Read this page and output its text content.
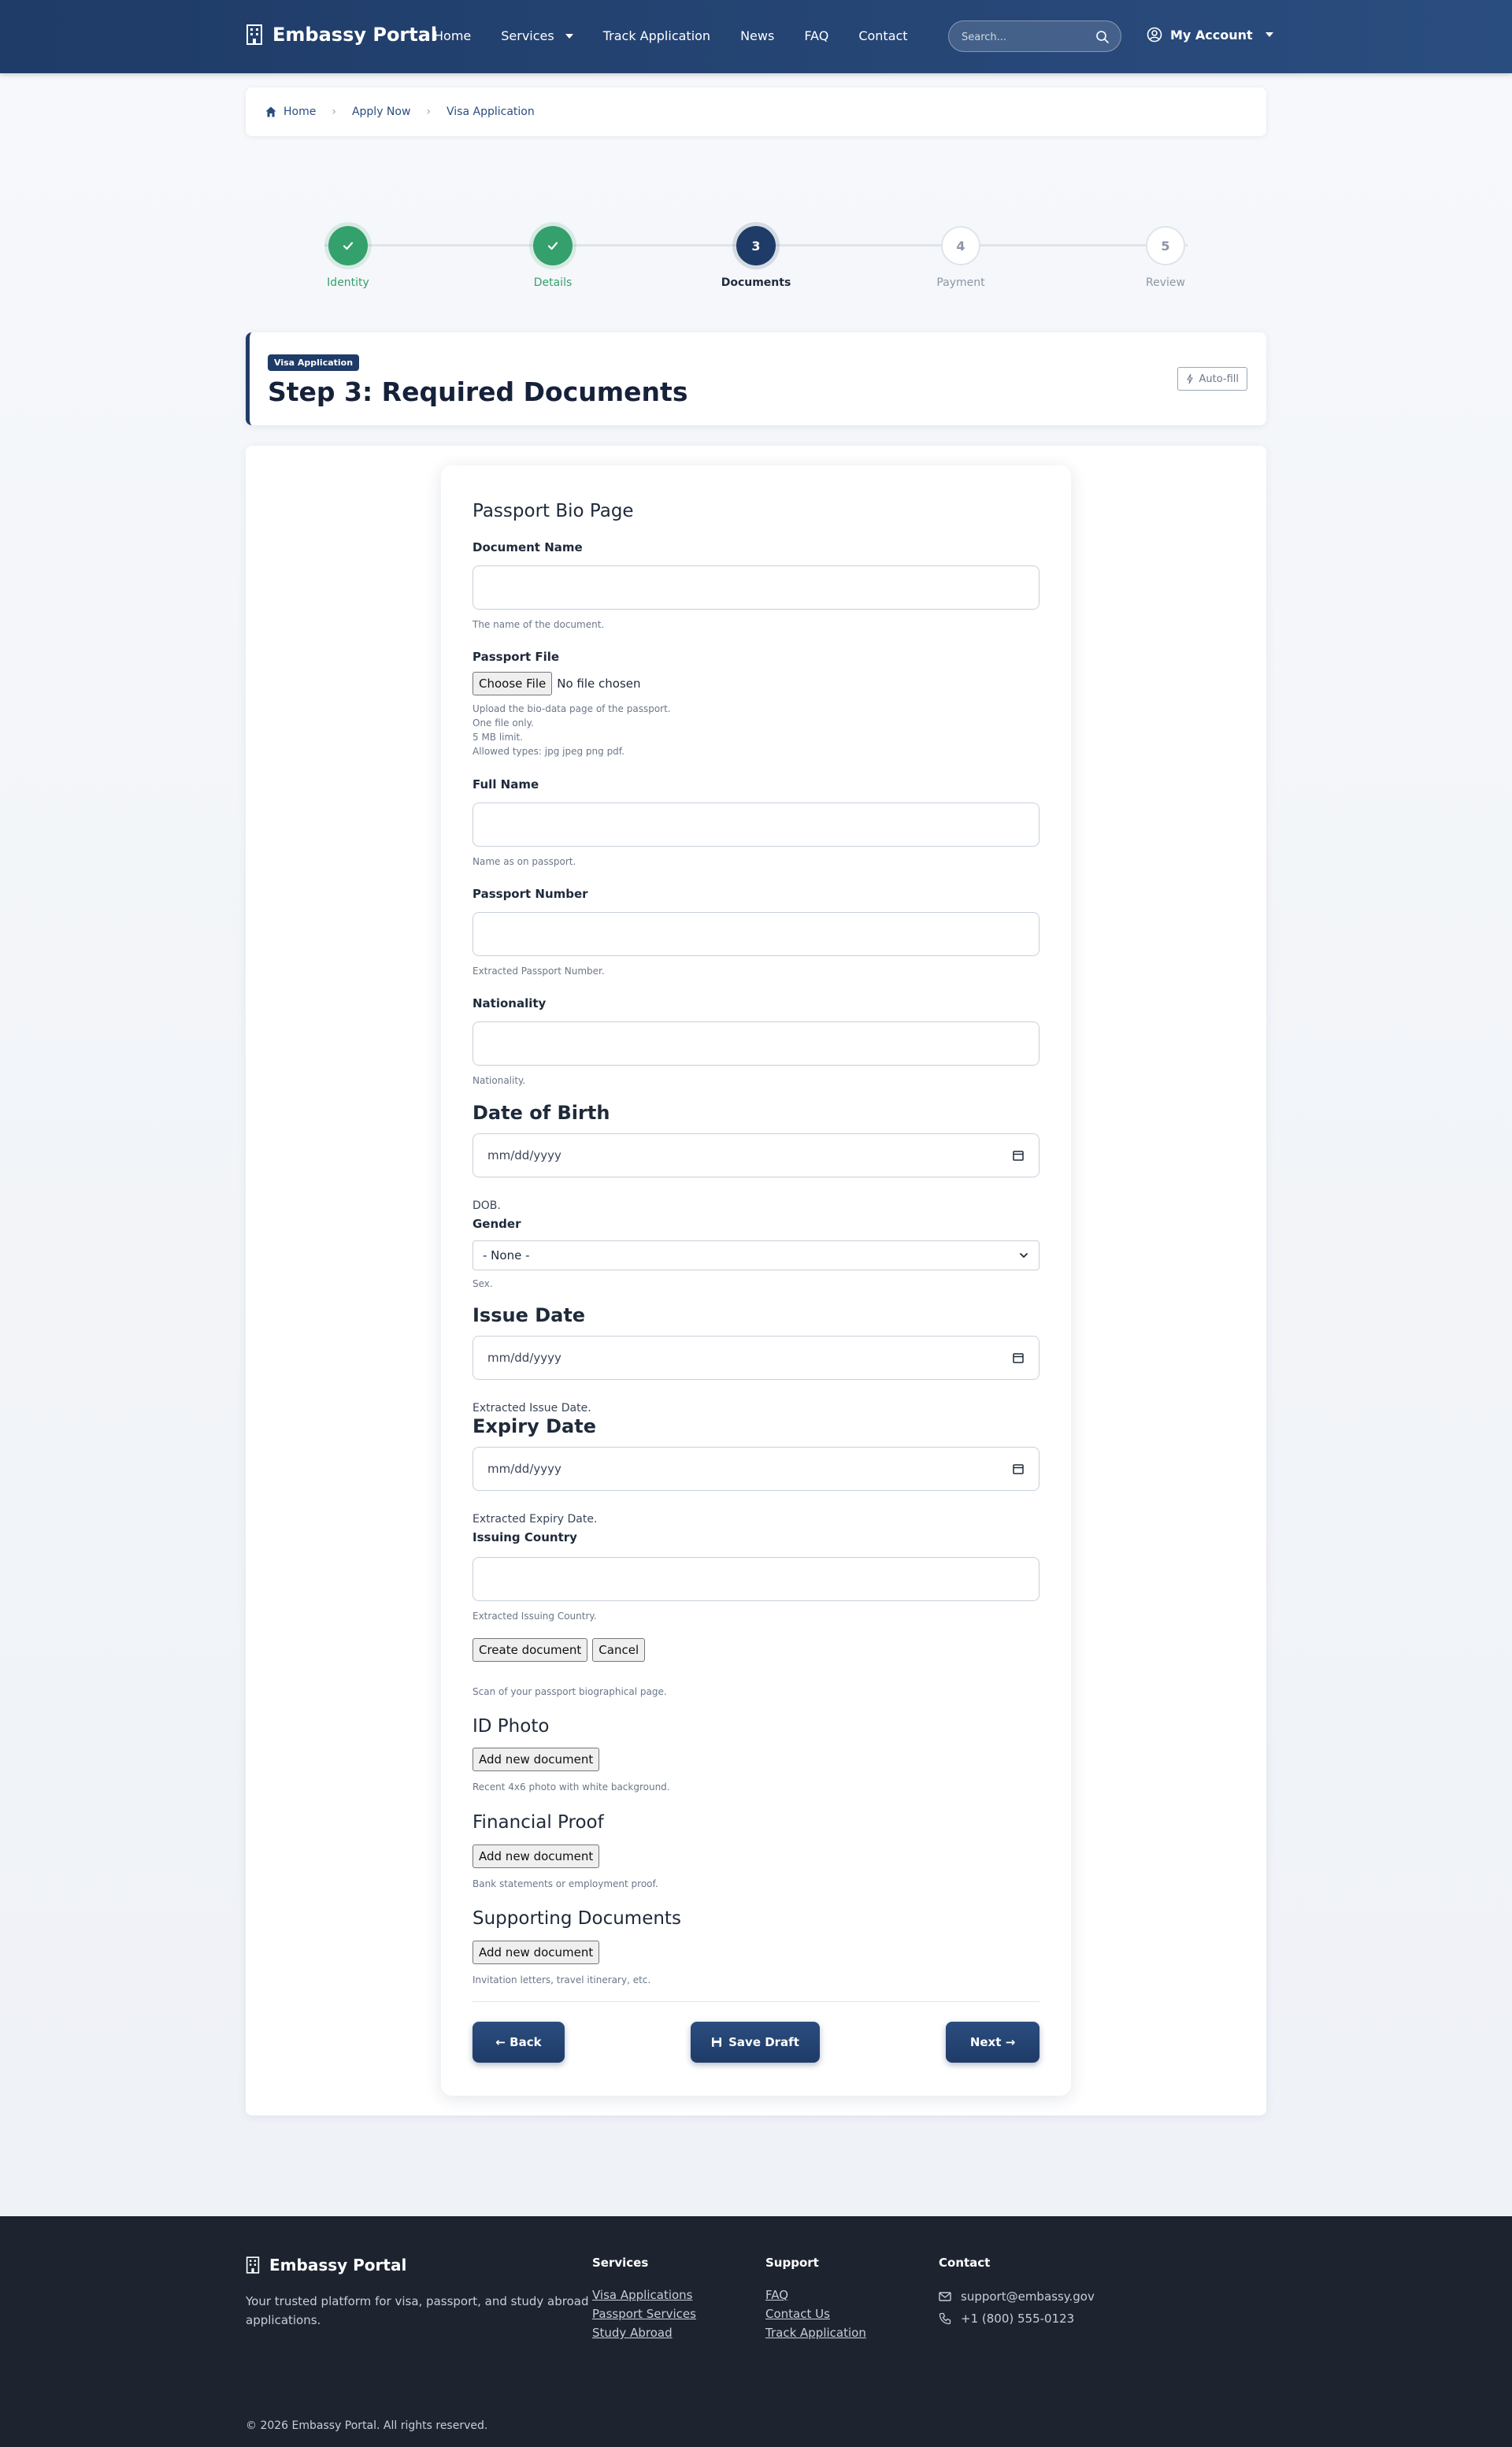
Embassy Portal
Home Services	Track Application News FAQ Contact
Search...	My Account
Home › Apply Now › Visa Application
Identity	Details
3
Documents
4
Payment
5
Review
Visa Application
Step 3: Required Documents	Auto-fill
Passport Bio Page
Document Name
The name of the document.
Passport File
Choose File No file chosen
Upload the bio-data page of the passport.
One file only.
5 MB limit.
Allowed types: jpg jpeg png pdf.
Full Name
Name as on passport.
Passport Number
Extracted Passport Number.
Nationality
Nationality.
Date of Birth
mm/dd/yyyy
DOB.
Gender
- None -
Sex.
Issue Date
mm/dd/yyyy
Extracted Issue Date.
Expiry Date
mm/dd/yyyy
Extracted Expiry Date.
Issuing Country
Extracted Issuing Country.
Create document	Cancel
Scan of your passport biographical page.
ID Photo
Add new document
Recent 4x6 photo with white background.
Financial Proof
Add new document
Bank statements or employment proof.
Supporting Documents
Add new document
Invitation letters, travel itinerary, etc.
← Back	Save Draft	Next →
Embassy Portal

Your trusted platform for visa, passport, and study abroad applications.

Services
Visa Applications
Passport Services
Study Abroad
Support
FAQ
Contact Us
Track Application
Contact
support@embassy.gov
+1 (800) 555-0123
© 2026 Embassy Portal. All rights reserved.
